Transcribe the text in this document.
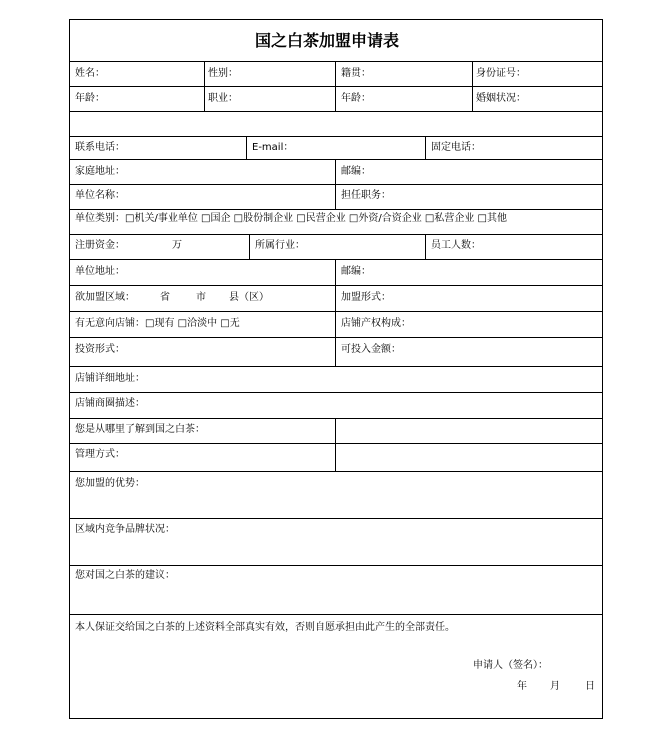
国之白茶加盟申请表
姓名：	性别：	籍贯：	身份证号：
年龄：	职业：	年龄：	婚姻状况：
联系电话：	E-mail：	固定电话：
家庭地址：	邮编：
单位名称：	担任职务：
单位类别：□机关/事业单位 □国企 □股份制企业 □民营企业 □外资/合资企业 □私营企业 □其他
注册资金：	万	所属行业：	员工人数：
单位地址：	邮编：
欲加盟区域：	省	市 县（区）	加盟形式：
有无意向店铺：□现有 □洽淡中 □无	店铺产权构成：
投资形式：	可投入金额：
店铺详细地址：
店铺商圈描述：
您是从哪里了解到国之白茶：
管理方式：
您加盟的优势：
区域内竞争品牌状况：
您对国之白茶的建议：
本人保证交给国之白茶的上述资料全部真实有效，否则自愿承担由此产生的全部责任。
申请人（签名）：
年 月	日
